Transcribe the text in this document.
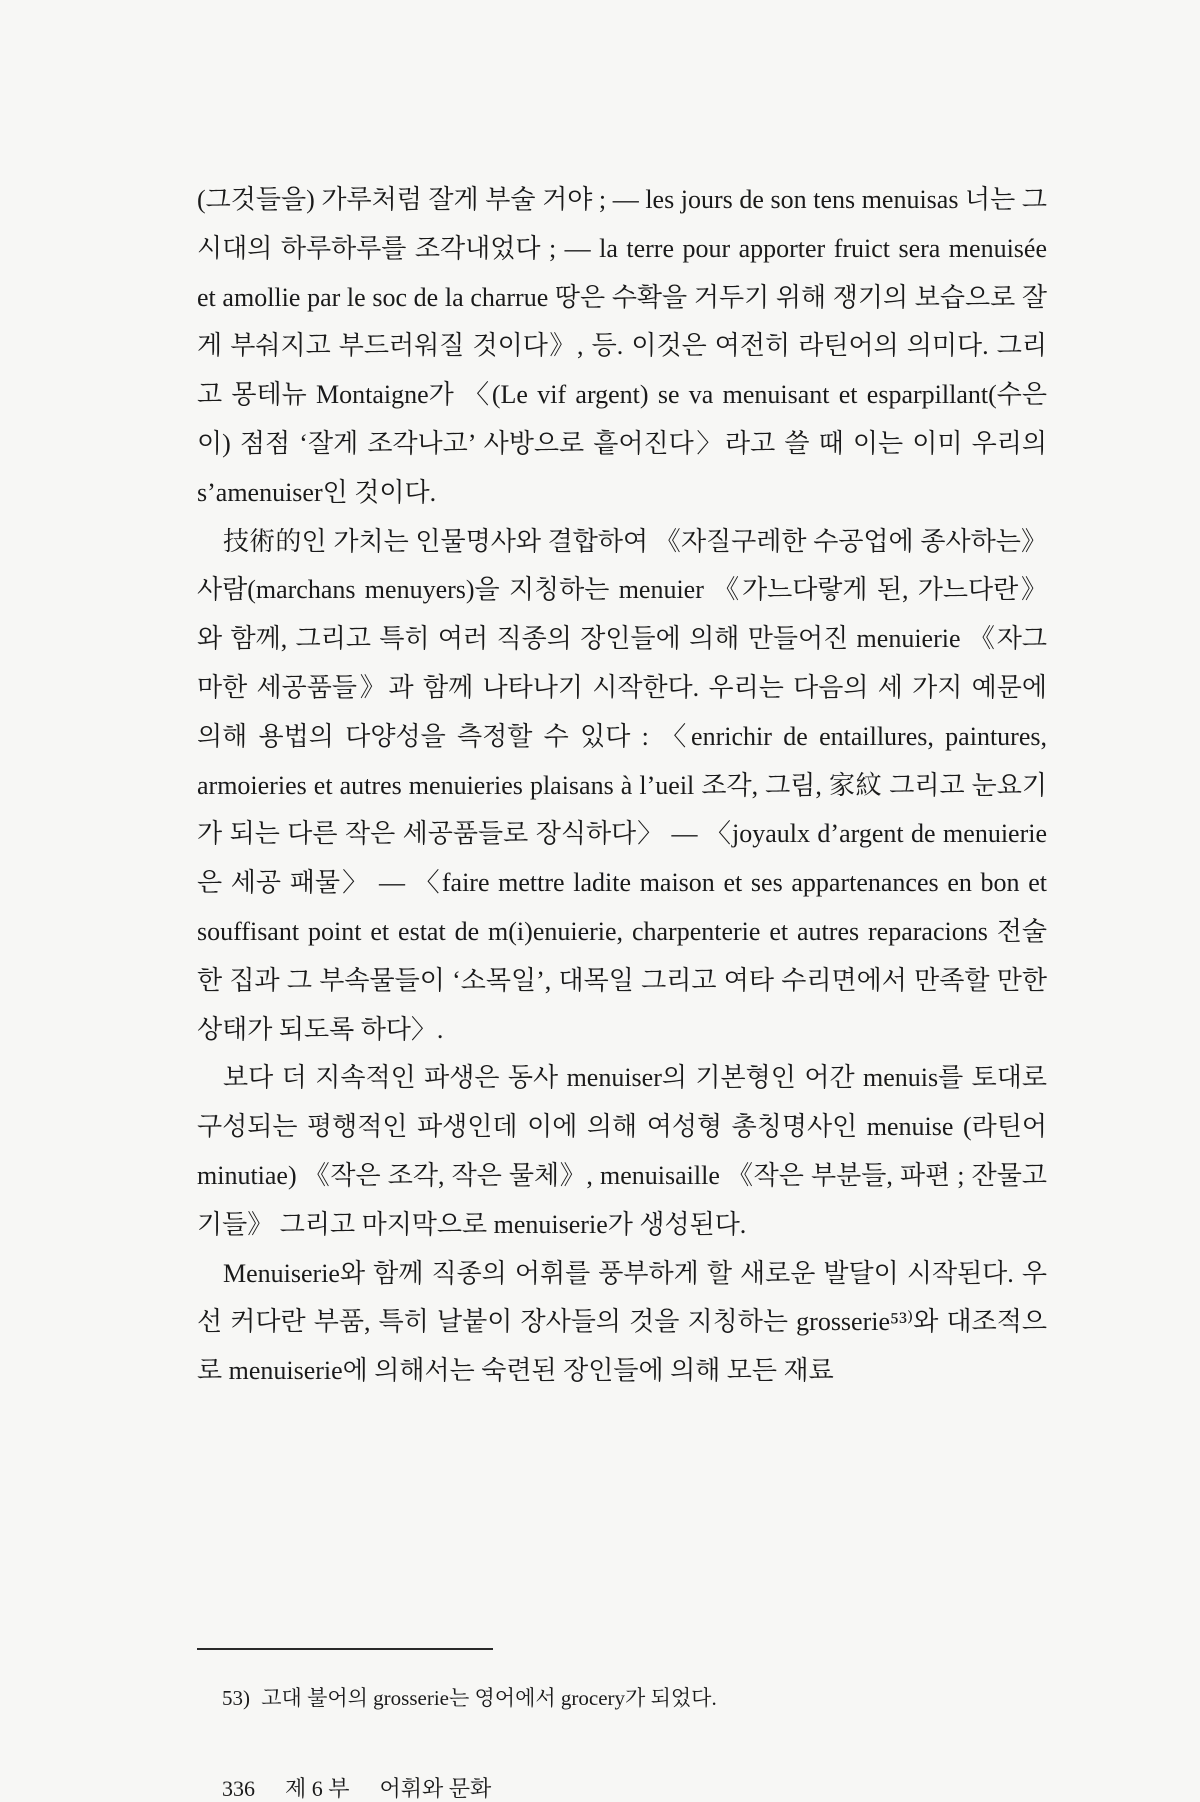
(그것들을) 가루처럼 잘게 부술 거야 ; — les jours de son tens menuisas 너는 그 시대의 하루하루를 조각내었다 ; — la terre pour apporter fruict sera menuisée et amollie par le soc de la charrue 땅은 수확을 거두기 위해 쟁기의 보습으로 잘게 부숴지고 부드러워질 것이다》, 등. 이것은 여전히 라틴어의 의미다. 그리고 몽테뉴 Montaigne가 〈(Le vif argent) se va menuisant et esparpillant(수은이) 점점 ‘잘게 조각나고’ 사방으로 흩어진다〉라고 쓸 때 이는 이미 우리의 s’amenuiser인 것이다.

技術的인 가치는 인물명사와 결합하여 《자질구레한 수공업에 종사하는》 사람(marchans menuyers)을 지칭하는 menuier 《가느다랗게 된, 가느다란》와 함께, 그리고 특히 여러 직종의 장인들에 의해 만들어진 menuierie 《자그마한 세공품들》과 함께 나타나기 시작한다. 우리는 다음의 세 가지 예문에 의해 용법의 다양성을 측정할 수 있다 : 〈enrichir de entaillures, paintures, armoieries et autres menuieries plaisans à l’ueil 조각, 그림, 家紋 그리고 눈요기가 되는 다른 작은 세공품들로 장식하다〉 — 〈joyaulx d’argent de menuierie 은 세공 패물〉 — 〈faire mettre ladite maison et ses appartenances en bon et souffisant point et estat de m(i)enuierie, charpenterie et autres reparacions 전술한 집과 그 부속물들이 ‘소목일’, 대목일 그리고 여타 수리면에서 만족할 만한 상태가 되도록 하다〉.

보다 더 지속적인 파생은 동사 menuiser의 기본형인 어간 menuis를 토대로 구성되는 평행적인 파생인데 이에 의해 여성형 총칭명사인 menuise (라틴어 minutiae) 《작은 조각, 작은 물체》, menuisaille 《작은 부분들, 파편 ; 잔물고기들》 그리고 마지막으로 menuiserie가 생성된다.

Menuiserie와 함께 직종의 어휘를 풍부하게 할 새로운 발달이 시작된다. 우선 커다란 부품, 특히 날붙이 장사들의 것을 지칭하는 grosserie⁵³⁾와 대조적으로 menuiserie에 의해서는 숙련된 장인들에 의해 모든 재료

53) 고대 불어의 grosserie는 영어에서 grocery가 되었다.
336 제 6 부 어휘와 문화
